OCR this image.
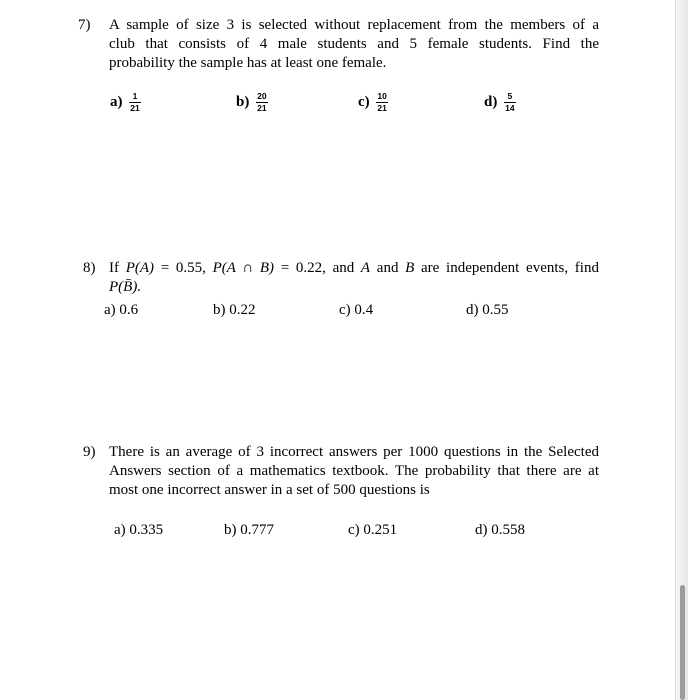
7) A sample of size 3 is selected without replacement from the members of a
club that consists of 4 male students and 5 female students. Find the
probability the sample has at least one female.
$a) \frac{1}{21}$	$b) \frac{20}{21}$	$c) \frac{10}{21}$	$d) \frac{5}{14}$
8) If P(A) = 0.55, P(A ∩ B) = 0.22, and A and B are independent events, find
P(B̄).
a) 0.6	b) 0.22	c) 0.4	d) 0.55
9) There is an average of 3 incorrect answers per 1000 questions in the Selected
Answers section of a mathematics textbook. The probability that there are at
most one incorrect answer in a set of 500 questions is
a) 0.335	b) 0.777	c) 0.251	d) 0.558
